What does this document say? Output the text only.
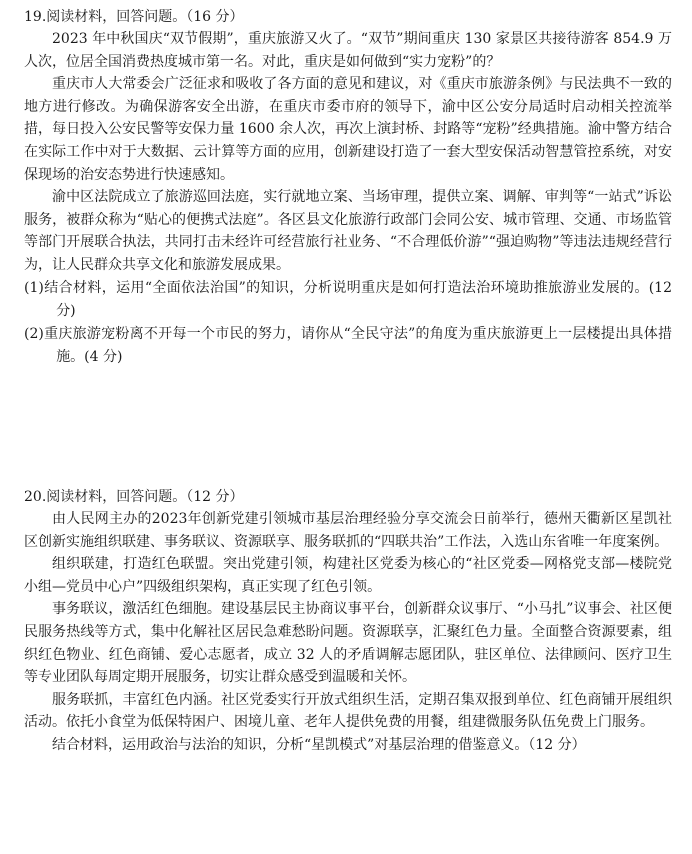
19.阅读材料，回答问题。（16 分）

2023 年中秋国庆“双节假期”，重庆旅游又火了。“双节”期间重庆 130 家景区共接待游客 854.9 万人次，位居全国消费热度城市第一名。对此，重庆是如何做到“实力宠粉”的？

重庆市人大常委会广泛征求和吸收了各方面的意见和建议，对《重庆市旅游条例》与民法典不一致的地方进行修改。为确保游客安全出游，在重庆市委市府的领导下，渝中区公安分局适时启动相关控流举措，每日投入公安民警等安保力量 1600 余人次，再次上演封桥、封路等“宠粉”经典措施。渝中警方结合在实际工作中对于大数据、云计算等方面的应用，创新建设打造了一套大型安保活动智慧管控系统，对安保现场的治安态势进行快速感知。

渝中区法院成立了旅游巡回法庭，实行就地立案、当场审理，提供立案、调解、审判等“一站式”诉讼服务，被群众称为“贴心的便携式法庭”。各区县文化旅游行政部门会同公安、城市管理、交通、市场监管等部门开展联合执法，共同打击未经许可经营旅行社业务、“不合理低价游”“强迫购物”等违法违规经营行为，让人民群众共享文化和旅游发展成果。

(1)结合材料，运用“全面依法治国”的知识，分析说明重庆是如何打造法治环境助推旅游业发展的。(12 分)

(2)重庆旅游宠粉离不开每一个市民的努力，请你从“全民守法”的角度为重庆旅游更上一层楼提出具体措施。(4 分)

20.阅读材料，回答问题。（12 分）

由人民网主办的2023年创新党建引领城市基层治理经验分享交流会日前举行，德州天衢新区星凯社区创新实施组织联建、事务联议、资源联享、服务联抓的“四联共治”工作法，入选山东省唯一年度案例。

组织联建，打造红色联盟。突出党建引领，构建社区党委为核心的“社区党委—网格党支部—楼院党小组—党员中心户”四级组织架构，真正实现了红色引领。

事务联议，激活红色细胞。建设基层民主协商议事平台，创新群众议事厅、“小马扎”议事会、社区便民服务热线等方式，集中化解社区居民急难愁盼问题。资源联享，汇聚红色力量。全面整合资源要素，组织红色物业、红色商铺、爱心志愿者，成立 32 人的矛盾调解志愿团队，驻区单位、法律顾问、医疗卫生等专业团队每周定期开展服务，切实让群众感受到温暖和关怀。

服务联抓，丰富红色内涵。社区党委实行开放式组织生活，定期召集双报到单位、红色商铺开展组织活动。依托小食堂为低保特困户、困境儿童、老年人提供免费的用餐，组建微服务队伍免费上门服务。

结合材料，运用政治与法治的知识，分析“星凯模式”对基层治理的借鉴意义。（12 分）
